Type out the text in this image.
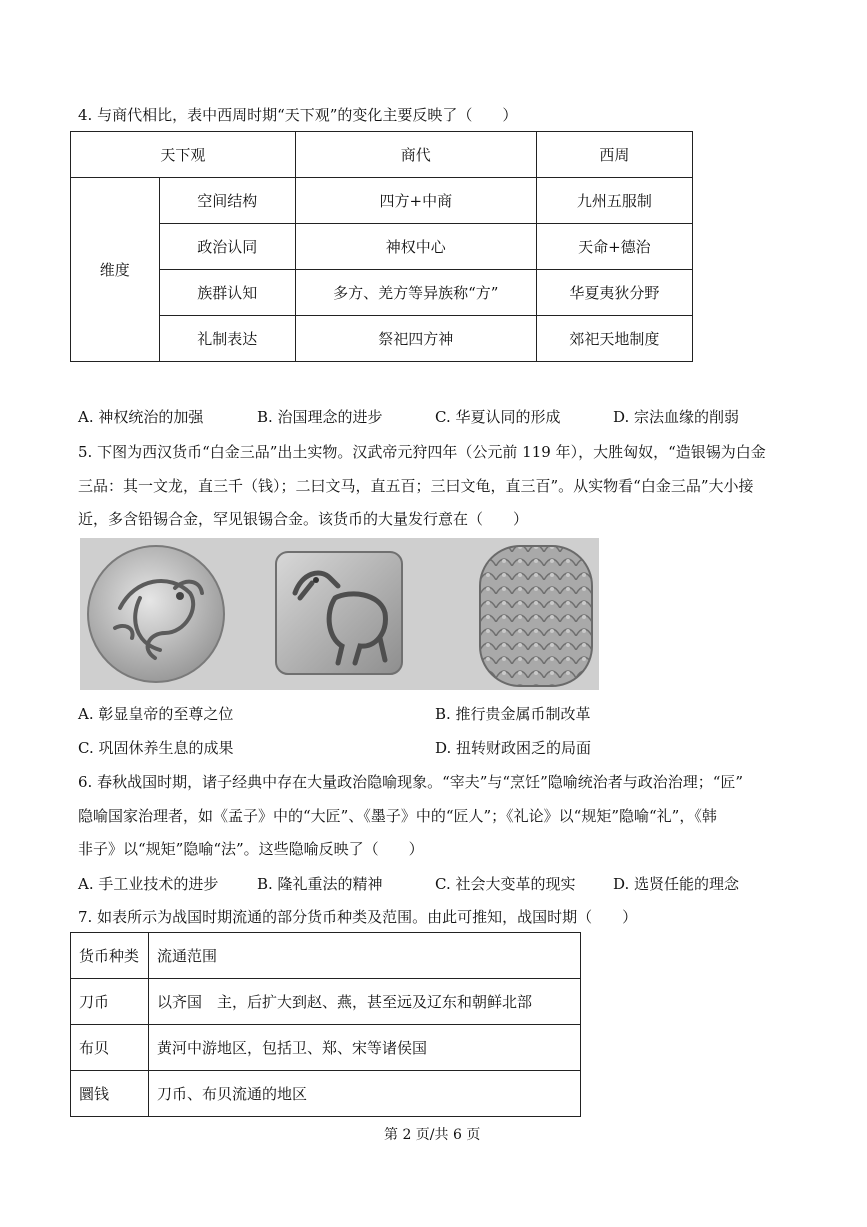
4. 与商代相比，表中西周时期“天下观”的变化主要反映了（　　）
天下观		商代	西周
维度	空间结构	四方+中商	九州五服制
	政治认同	神权中心	天命+德治
	族群认知	多方、羌方等异族称“方”	华夏夷狄分野
	礼制表达	祭祀四方神	郊祀天地制度
A. 神权统治的加强	B. 治国理念的进步	C. 华夏认同的形成	D. 宗法血缘的削弱
5. 下图为西汉货币“白金三品”出土实物。汉武帝元狩四年（公元前 119 年），大胜匈奴，“造银锡为白金
三品：其一文龙，直三千（钱）；二曰文马，直五百；三曰文龟，直三百”。从实物看“白金三品”大小接
近，多含铅锡合金，罕见银锡合金。该货币的大量发行意在（　　）
A. 彰显皇帝的至尊之位	B. 推行贵金属币制改革
C. 巩固休养生息的成果	D. 扭转财政困乏的局面
6. 春秋战国时期，诸子经典中存在大量政治隐喻现象。“宰夫”与“烹饪”隐喻统治者与政治治理；“匠”
隐喻国家治理者，如《孟子》中的“大匠”、《墨子》中的“匠人”；《礼论》以“规矩”隐喻“礼”，《韩
非子》以“规矩”隐喻“法”。这些隐喻反映了（　　）
A. 手工业技术的进步	B. 隆礼重法的精神	C. 社会大变革的现实	D. 选贤任能的理念
7. 如表所示为战国时期流通的部分货币种类及范围。由此可推知，战国时期（　　）
货币种类	流通范围
刀币	以齐国　主，后扩大到赵、燕，甚至远及辽东和朝鲜北部
布贝	黄河中游地区，包括卫、郑、宋等诸侯国
圜钱	刀币、布贝流通的地区
第 2 页/共 6 页
